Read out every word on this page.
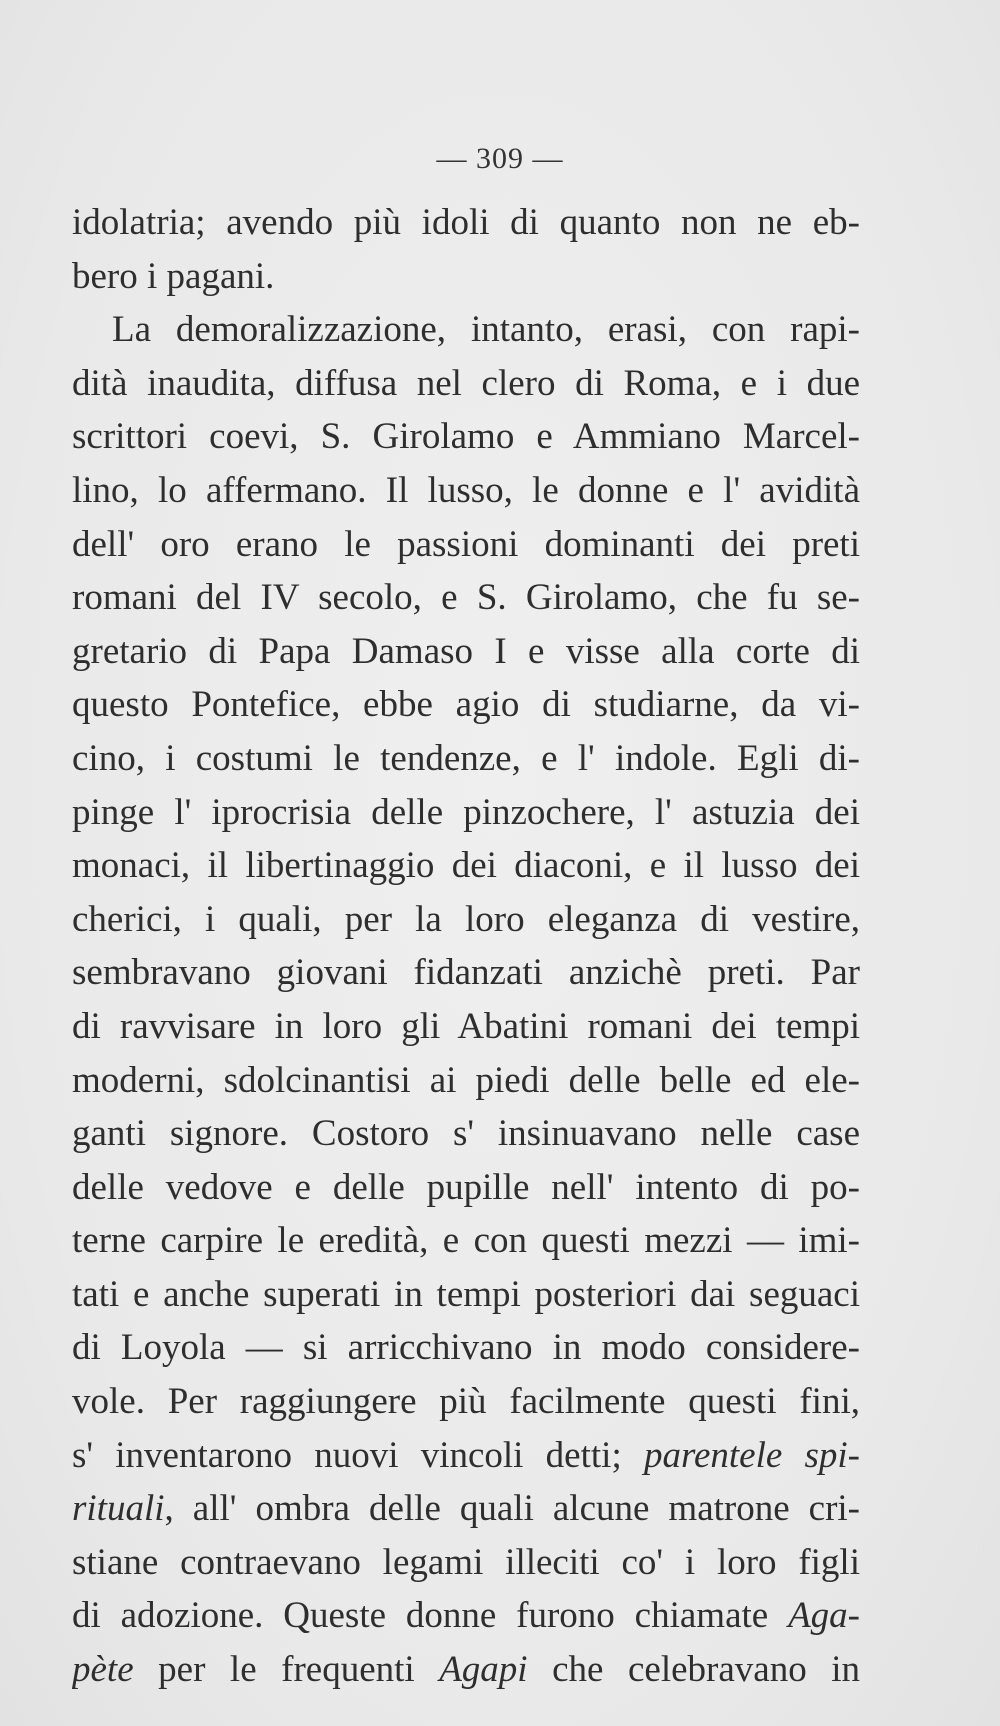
— 309 —
idolatria; avendo più idoli di quanto non ne eb-
bero i pagani.
La demoralizzazione, intanto, erasi, con rapi-
dità inaudita, diffusa nel clero di Roma, e i due
scrittori coevi, S. Girolamo e Ammiano Marcel-
lino, lo affermano. Il lusso, le donne e l' avidità
dell' oro erano le passioni dominanti dei preti
romani del IV secolo, e S. Girolamo, che fu se-
gretario di Papa Damaso I e visse alla corte di
questo Pontefice, ebbe agio di studiarne, da vi-
cino, i costumi le tendenze, e l' indole. Egli di-
pinge l' iprocrisia delle pinzochere, l' astuzia dei
monaci, il libertinaggio dei diaconi, e il lusso dei
cherici, i quali, per la loro eleganza di vestire,
sembravano giovani fidanzati anzichè preti. Par
di ravvisare in loro gli Abatini romani dei tempi
moderni, sdolcinantisi ai piedi delle belle ed ele-
ganti signore. Costoro s' insinuavano nelle case
delle vedove e delle pupille nell' intento di po-
terne carpire le eredità, e con questi mezzi — imi-
tati e anche superati in tempi posteriori dai seguaci
di Loyola — si arricchivano in modo considere-
vole. Per raggiungere più facilmente questi fini,
s' inventarono nuovi vincoli detti; parentele spi-
rituali, all' ombra delle quali alcune matrone cri-
stiane contraevano legami illeciti co' i loro figli
di adozione. Queste donne furono chiamate Aga-
pète per le frequenti Agapi che celebravano in
